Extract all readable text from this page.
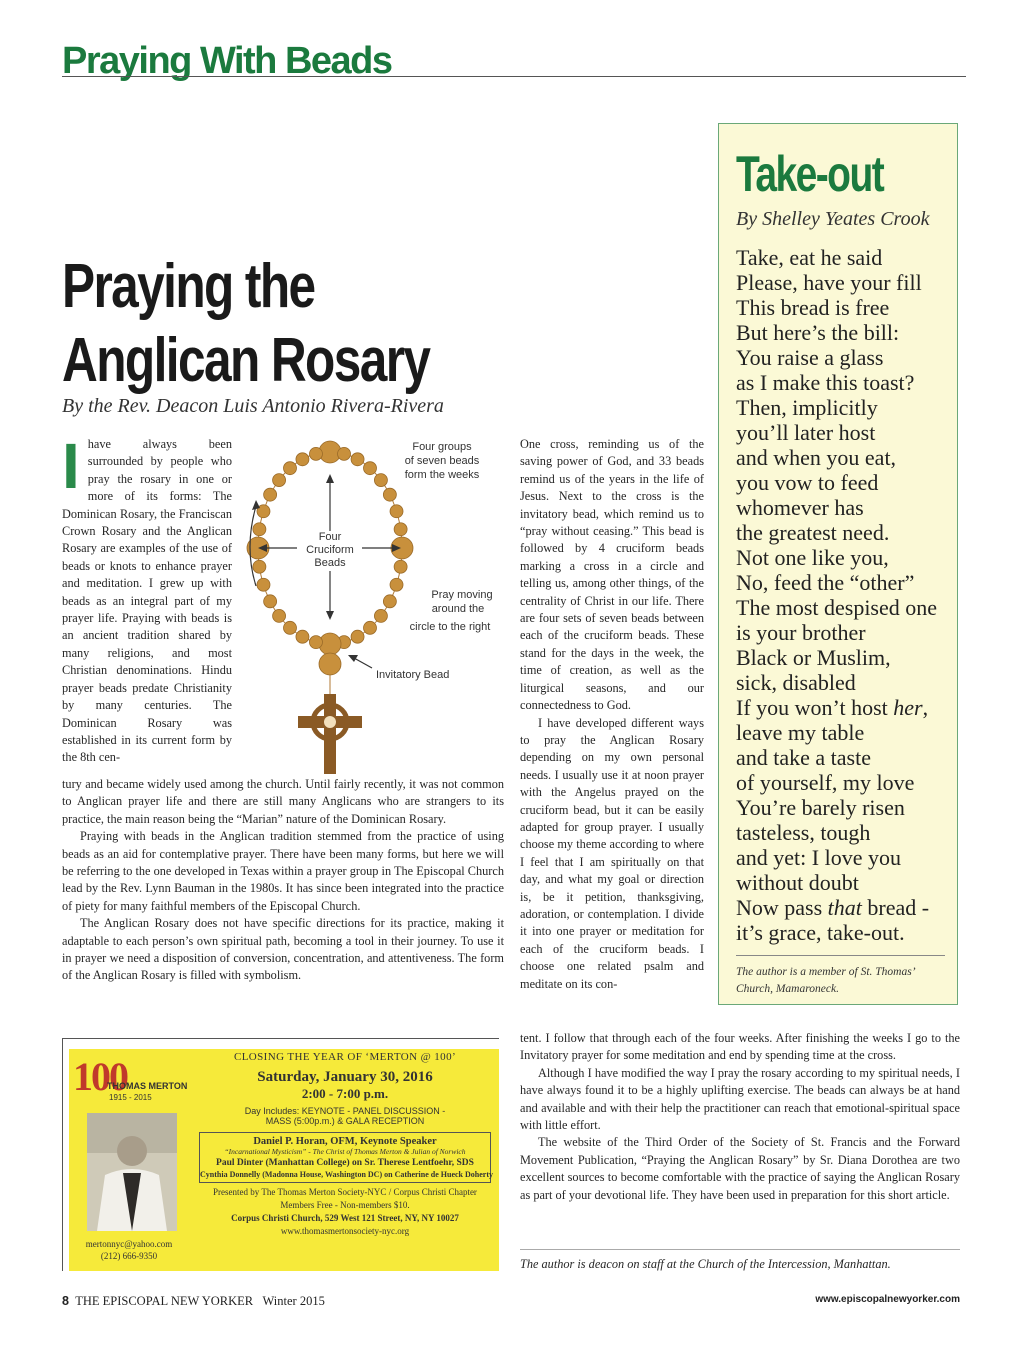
Praying With Beads
Praying the
Anglican Rosary
By the Rev. Deacon Luis Antonio Rivera-Rivera
Ihave always been surrounded by people who pray the rosary in one or more of its forms: The Dominican Rosary, the Franciscan Crown Rosary and the Anglican Rosary are examples of the use of beads or knots to enhance prayer and meditation. I grew up with beads as an integral part of my prayer life. Praying with beads is an ancient tradition shared by many religions, and most Christian denominations. Hindu prayer beads predate Christianity by many centuries. The Dominican Rosary was established in its current form by the 8th cen-
Four groups
of seven beads
form the weeks
Four
Cruciform
Beads
Pray moving
around the
circle to the right
Invitatory Bead

tury and became widely used among the church. Until fairly recently, it was not common to Anglican prayer life and there are still many Anglicans who are strangers to its practice, the main reason being the “Marian” nature of the Dominican Rosary.

Praying with beads in the Anglican tradition stemmed from the practice of using beads as an aid for contemplative prayer. There have been many forms, but here we will be referring to the one developed in Texas within a prayer group in The Episcopal Church lead by the Rev. Lynn Bauman in the 1980s. It has since been integrated into the practice of piety for many faithful members of the Episcopal Church.

The Anglican Rosary does not have specific directions for its practice, making it adaptable to each person’s own spiritual path, becoming a tool in their journey. To use it in prayer we need a disposition of conversion, concentration, and attentiveness. The form of the Anglican Rosary is filled with symbolism.

One cross, reminding us of the saving power of God, and 33 beads remind us of the years in the life of Jesus. Next to the cross is the invitatory bead, which remind us to “pray without ceasing.” This bead is followed by 4 cruciform beads marking a cross in a circle and telling us, among other things, of the centrality of Christ in our life. There are four sets of seven beads between each of the cruciform beads. These stand for the days in the week, the time of creation, as well as the liturgical seasons, and our connectedness to God.

I have developed different ways to pray the Anglican Rosary depending on my own personal needs. I usually use it at noon prayer with the Angelus prayed on the cruciform bead, but it can be easily adapted for group prayer. I usually choose my theme according to where I feel that I am spiritually on that day, and what my goal or direction is, be it petition, thanksgiving, adoration, or contemplation. I divide it into one prayer or meditation for each of the cruciform beads. I choose one related psalm and meditate on its con-

tent. I follow that through each of the four weeks. After finishing the weeks I go to the Invitatory prayer for some meditation and end by spending time at the cross.

Although I have modified the way I pray the rosary according to my spiritual needs, I have always found it to be a highly uplifting exercise. The beads can always be at hand and available and with their help the practitioner can reach that emotional-spiritual space with little effort.

The website of the Third Order of the Society of St. Francis and the Forward Movement Publication, “Praying the Anglican Rosary” by Sr. Diana Dorothea are two excellent sources to become comfortable with the practice of saying the Anglican Rosary as part of your devotional life. They have been used in preparation for this short article.

The author is deacon on staff at the Church of the Intercession, Manhattan.
Take-out
By Shelley Yeates Crook
Take, eat he said
Please, have your fill
This bread is free
But here’s the bill:
You raise a glass
as I make this toast?
Then, implicitly
you’ll later host
and when you eat,
you vow to feed
whomever has
the greatest need.
Not one like you,
No, feed the “other”
The most despised one
is your brother
Black or Muslim,
sick, disabled
If you won’t host her,
leave my table
and take a taste
of yourself, my love
You’re barely risen
tasteless, tough
and yet: I love you
without doubt
Now pass that bread -
it’s grace, take-out.
The author is a member of St. Thomas’ Church, Mamaroneck.
100
THOMAS MERTON
1915 - 2015
mertonnyc@yahoo.com
(212) 666-9350
CLOSING THE YEAR OF ‘MERTON @ 100’
Saturday, January 30, 2016
2:00 - 7:00 p.m.
Day Includes: KEYNOTE - PANEL DISCUSSION -
MASS (5:00p.m.) & GALA RECEPTION
Daniel P. Horan, OFM, Keynote Speaker
“Incarnational Mysticism” - The Christ of Thomas Merton & Julian of Norwich
Paul Dinter (Manhattan College) on Sr. Therese Lentfoehr, SDS
Cynthia Donnelly (Madonna House, Washington DC) on Catherine de Hueck Doherty
Presented by The Thomas Merton Society-NYC / Corpus Christi Chapter
Members Free - Non-members $10.
Corpus Christi Church, 529 West 121 Street, NY, NY 10027
www.thomasmertonsociety-nyc.org
8 THE EPISCOPAL NEW YORKER Winter 2015	www.episcopalnewyorker.com
